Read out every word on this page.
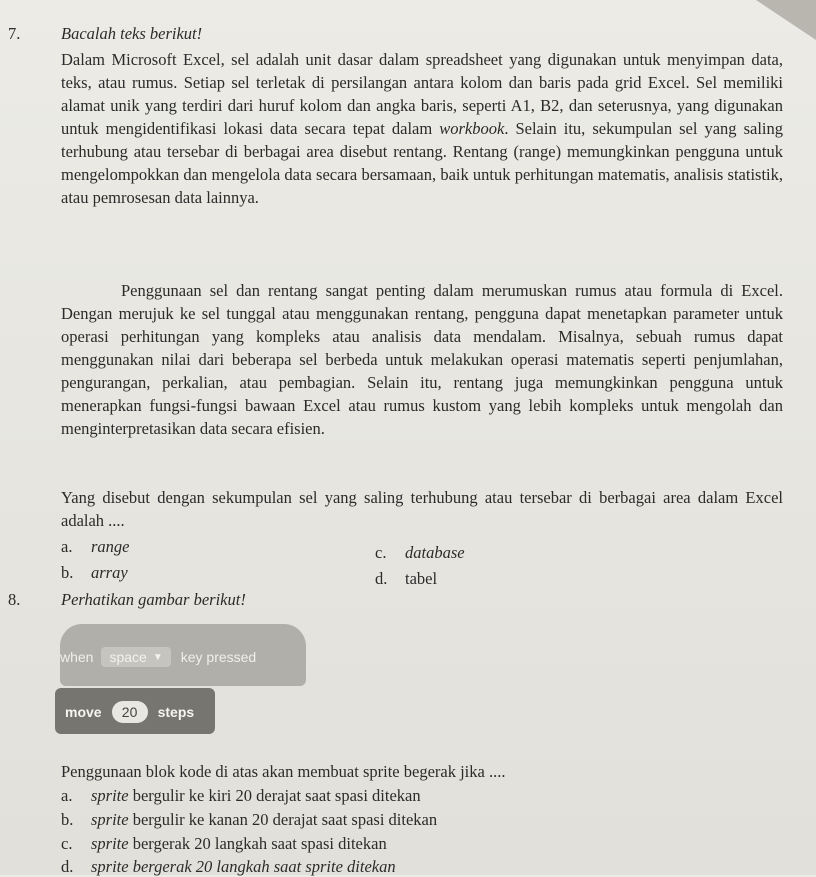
7. Bacalah teks berikut!
Dalam Microsoft Excel, sel adalah unit dasar dalam spreadsheet yang digunakan untuk menyimpan data, teks, atau rumus. Setiap sel terletak di persilangan antara kolom dan baris pada grid Excel. Sel memiliki alamat unik yang terdiri dari huruf kolom dan angka baris, seperti A1, B2, dan seterusnya, yang digunakan untuk mengidentifikasi lokasi data secara tepat dalam workbook. Selain itu, sekumpulan sel yang saling terhubung atau tersebar di berbagai area disebut rentang. Rentang (range) memungkinkan pengguna untuk mengelompokkan dan mengelola data secara bersamaan, baik untuk perhitungan matematis, analisis statistik, atau pemrosesan data lainnya.
Penggunaan sel dan rentang sangat penting dalam merumuskan rumus atau formula di Excel. Dengan merujuk ke sel tunggal atau menggunakan rentang, pengguna dapat menetapkan parameter untuk operasi perhitungan yang kompleks atau analisis data mendalam. Misalnya, sebuah rumus dapat menggunakan nilai dari beberapa sel berbeda untuk melakukan operasi matematis seperti penjumlahan, pengurangan, perkalian, atau pembagian. Selain itu, rentang juga memungkinkan pengguna untuk menerapkan fungsi-fungsi bawaan Excel atau rumus kustom yang lebih kompleks untuk mengolah dan menginterpretasikan data secara efisien.
Yang disebut dengan sekumpulan sel yang saling terhubung atau tersebar di berbagai area dalam Excel adalah ....
a. range
b. array
c. database
d. tabel
8. Perhatikan gambar berikut!
when space ▼ key pressed
move	20	steps
Penggunaan blok kode di atas akan membuat sprite begerak jika ....
a. sprite bergulir ke kiri 20 derajat saat spasi ditekan
b. sprite bergulir ke kanan 20 derajat saat spasi ditekan
c. sprite bergerak 20 langkah saat spasi ditekan
d. sprite bergerak 20 langkah saat sprite ditekan
